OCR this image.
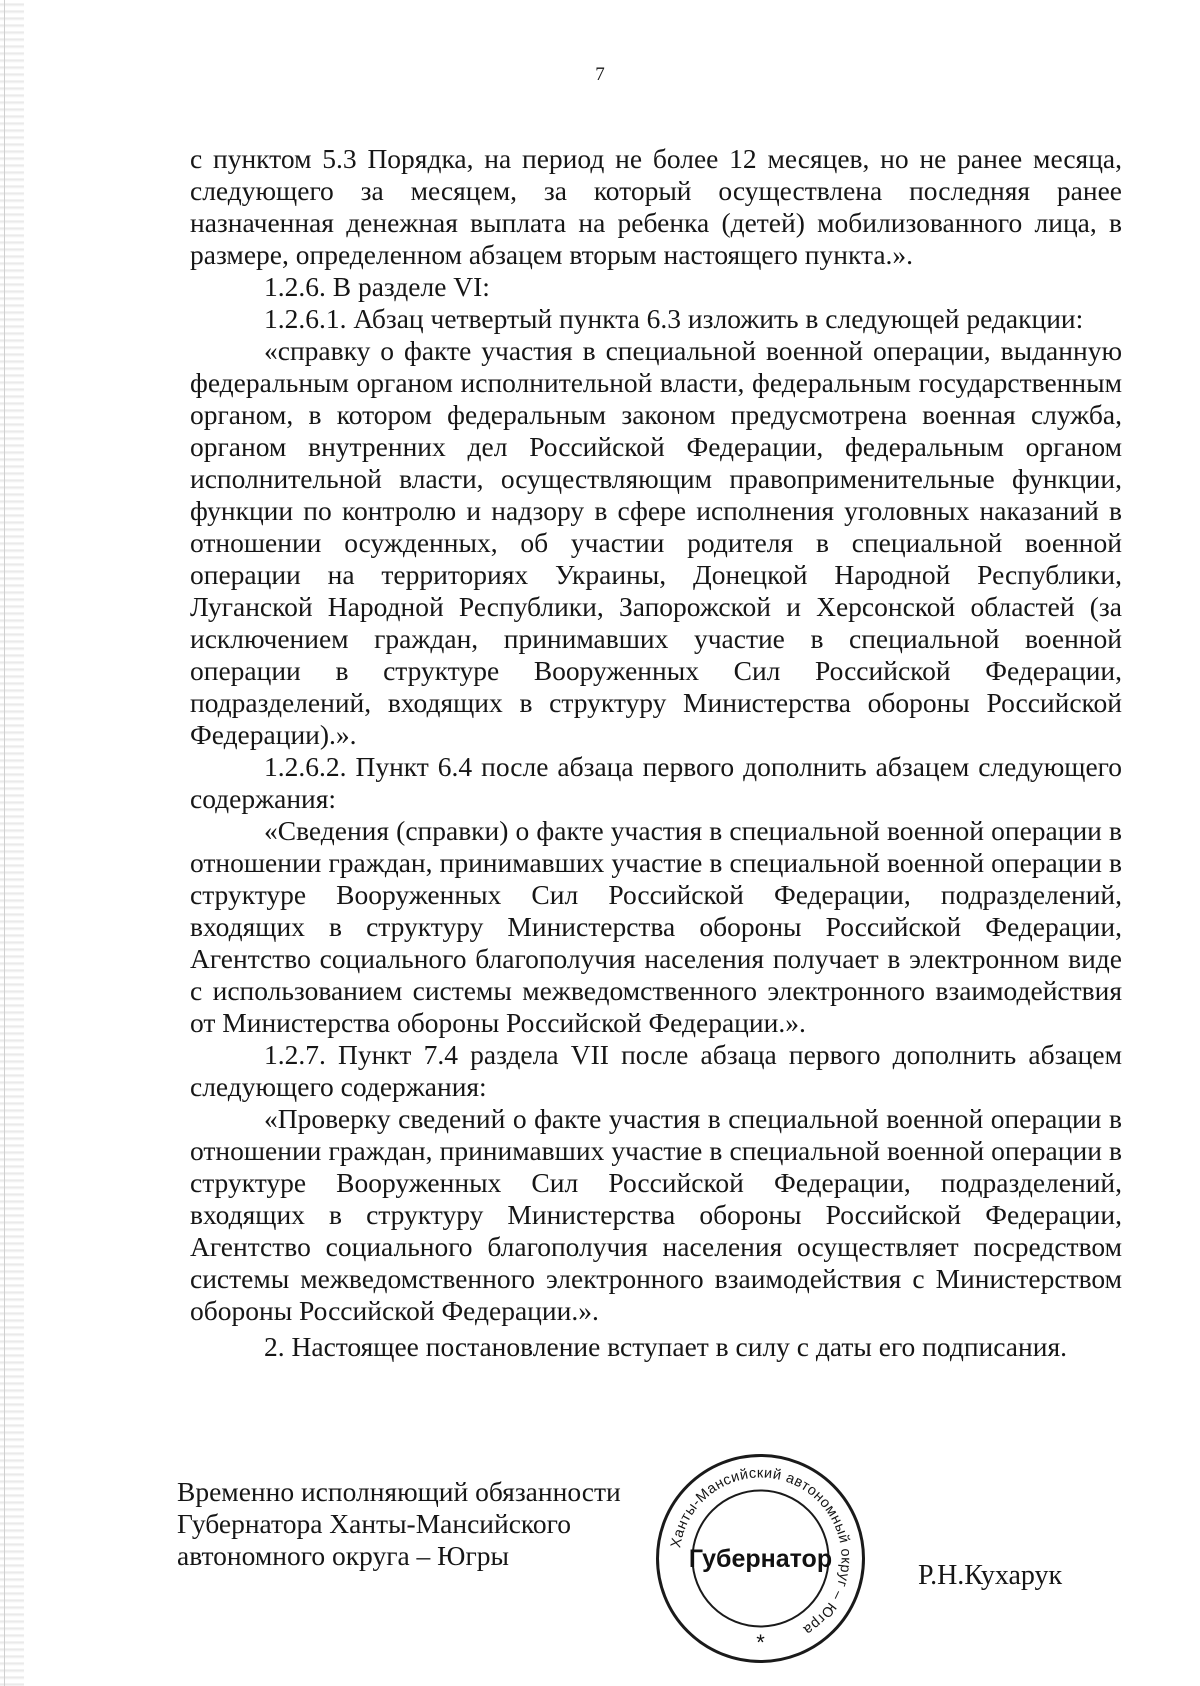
7

с пунктом 5.3 Порядка, на период не более 12 месяцев, но не ранее месяца, следующего за месяцем, за который осуществлена последняя ранее назначенная денежная выплата на ребенка (детей) мобилизованного лица, в размере, определенном абзацем вторым настоящего пункта.».

1.2.6. В разделе VI:

1.2.6.1. Абзац четвертый пункта 6.3 изложить в следующей редакции:

«справку о факте участия в специальной военной операции, выданную федеральным органом исполнительной власти, федеральным государственным органом, в котором федеральным законом предусмотрена военная служба, органом внутренних дел Российской Федерации, федеральным органом исполнительной власти, осуществляющим правоприменительные функции, функции по контролю и надзору в сфере исполнения уголовных наказаний в отношении осужденных, об участии родителя в специальной военной операции на территориях Украины, Донецкой Народной Республики, Луганской Народной Республики, Запорожской и Херсонской областей (за исключением граждан, принимавших участие в специальной военной операции в структуре Вооруженных Сил Российской Федерации, подразделений, входящих в структуру Министерства обороны Российской Федерации).».

1.2.6.2. Пункт 6.4 после абзаца первого дополнить абзацем следующего содержания:

«Сведения (справки) о факте участия в специальной военной операции в отношении граждан, принимавших участие в специальной военной операции в структуре Вооруженных Сил Российской Федерации, подразделений, входящих в структуру Министерства обороны Российской Федерации, Агентство социального благополучия населения получает в электронном виде с использованием системы межведомственного электронного взаимодействия от Министерства обороны Российской Федерации.».

1.2.7. Пункт 7.4 раздела VII после абзаца первого дополнить абзацем следующего содержания:

«Проверку сведений о факте участия в специальной военной операции в отношении граждан, принимавших участие в специальной военной операции в структуре Вооруженных Сил Российской Федерации, подразделений, входящих в структуру Министерства обороны Российской Федерации, Агентство социального благополучия населения осуществляет посредством системы межведомственного электронного взаимодействия с Министерством обороны Российской Федерации.».

2. Настоящее постановление вступает в силу с даты его подписания.

Временно исполняющий обязанности
Губернатора Ханты-Мансийского
автономного округа – Югры	Ханты-Мансийский автономный округ – Югра
Губернатор
*
Р.Н.Кухарук
